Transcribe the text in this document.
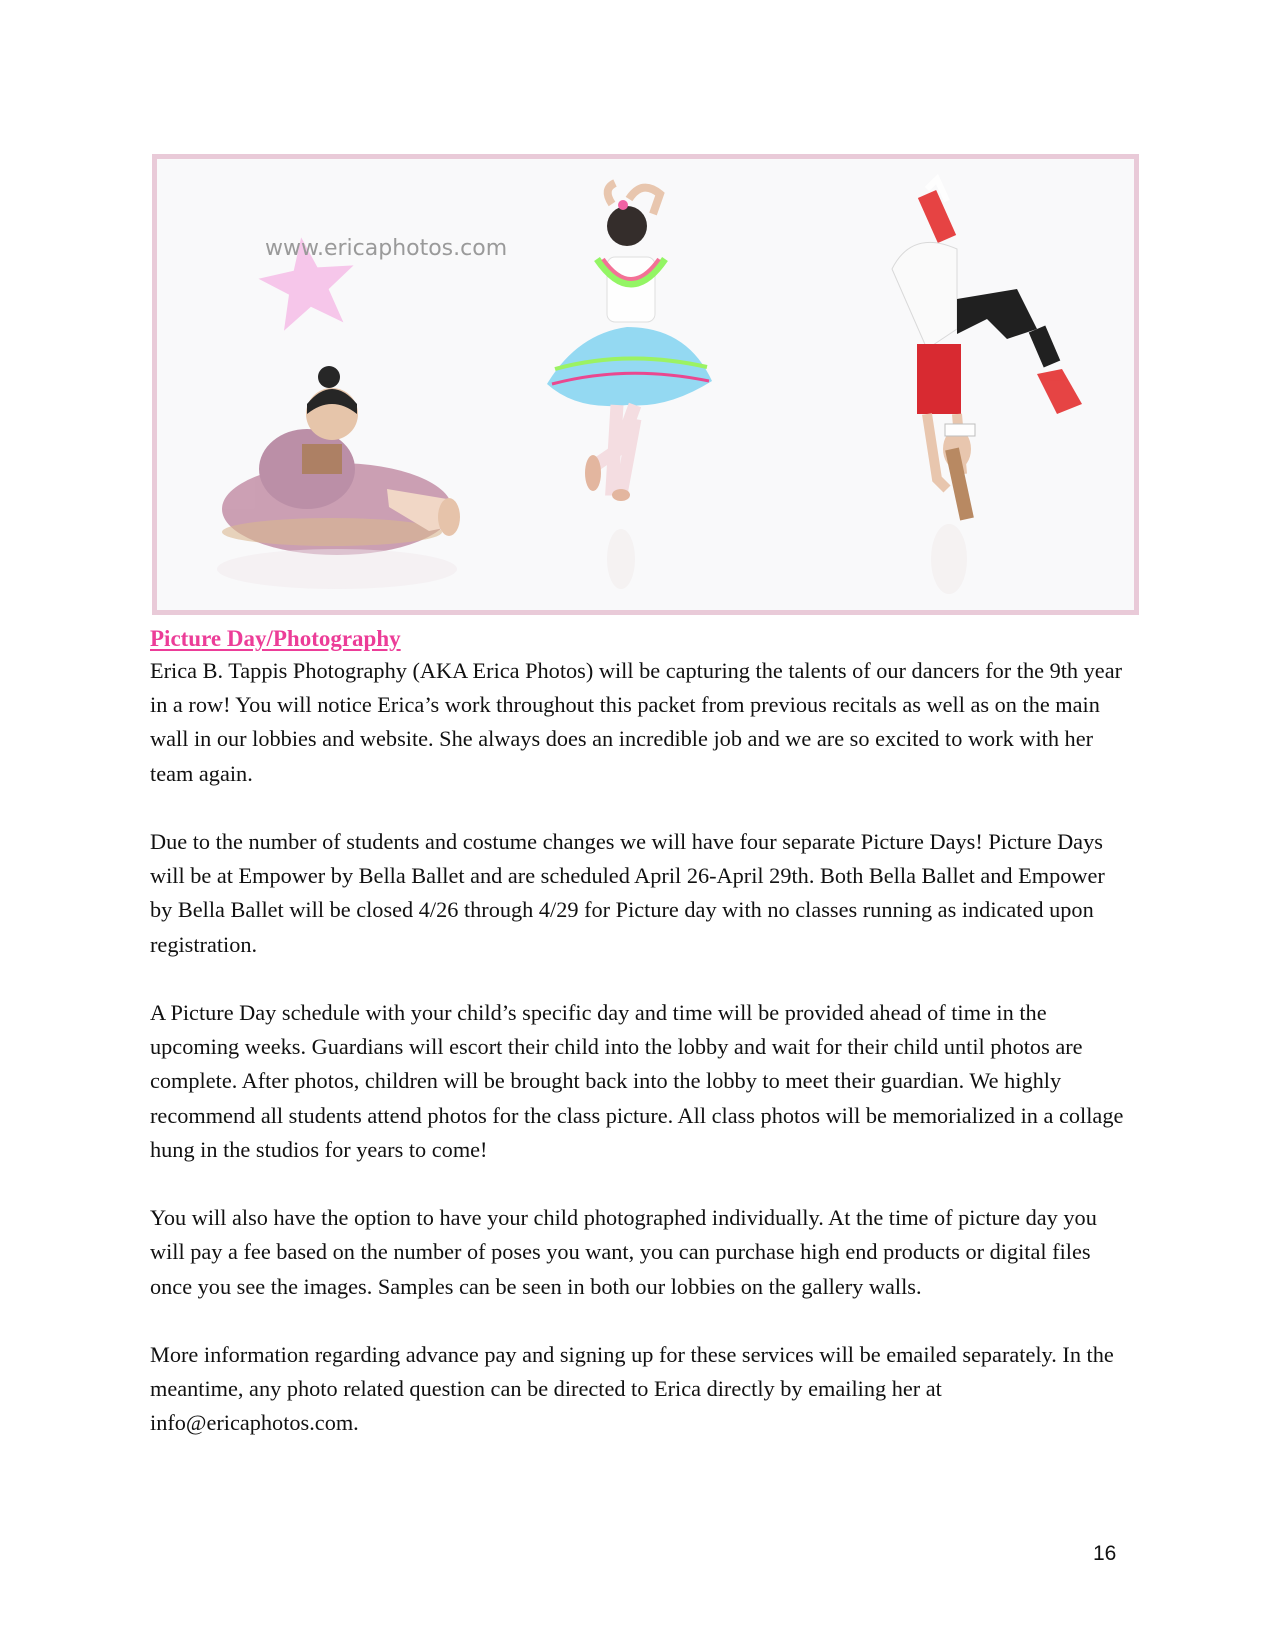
www.ericaphotos.com

Picture Day/Photography

Erica B. Tappis Photography (AKA Erica Photos) will be capturing the talents of our dancers for the 9th year in a row! You will notice Erica’s work throughout this packet from previous recitals as well as on the main wall in our lobbies and website. She always does an incredible job and we are so excited to work with her team again.

Due to the number of students and costume changes we will have four separate Picture Days! Picture Days will be at Empower by Bella Ballet and are scheduled April 26-April 29th. Both Bella Ballet and Empower by Bella Ballet will be closed 4/26 through 4/29 for Picture day with no classes running as indicated upon registration.

A Picture Day schedule with your child’s specific day and time will be provided ahead of time in the upcoming weeks. Guardians will escort their child into the lobby and wait for their child until photos are complete. After photos, children will be brought back into the lobby to meet their guardian. We highly recommend all students attend photos for the class picture. All class photos will be memorialized in a collage hung in the studios for years to come!

You will also have the option to have your child photographed individually. At the time of picture day you will pay a fee based on the number of poses you want, you can purchase high end products or digital files once you see the images. Samples can be seen in both our lobbies on the gallery walls.

More information regarding advance pay and signing up for these services will be emailed separately. In the meantime, any photo related question can be directed to Erica directly by emailing her at info@ericaphotos.com.

16
